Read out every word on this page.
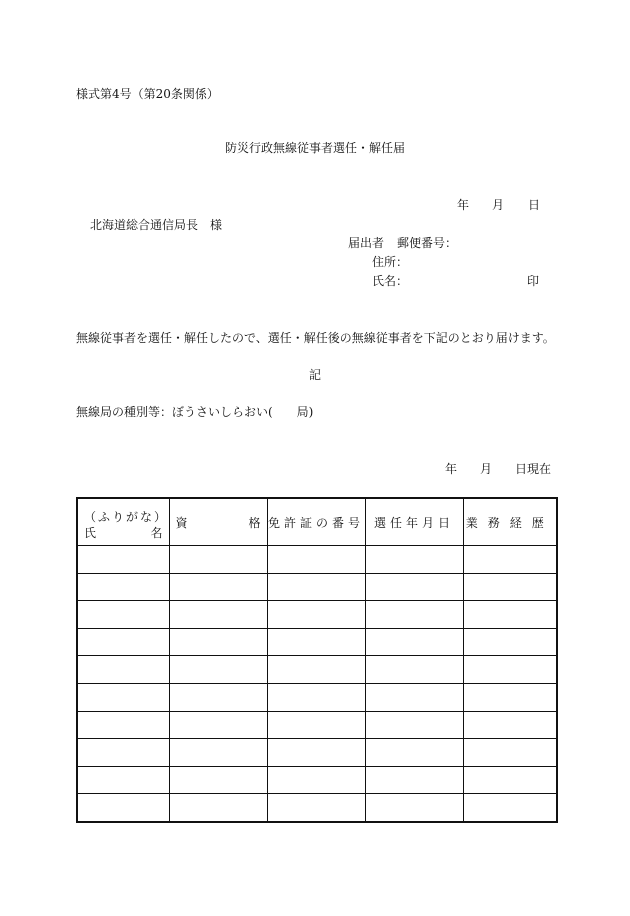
様式第4号（第20条関係）
防災行政無線従事者選任・解任届
年 月 日
北海道総合通信局長　様
届出者 郵便番号：
住所：
氏名：	印
無線従事者を選任・解任したので、選任・解任後の無線従事者を下記のとおり届けます。
記
無線局の種別等：ぼうさいしらおい(　　局)
年 月 日現在
（ふりがな）
氏 名	資 格	免許証の番号	選任年月日	業務経歴
